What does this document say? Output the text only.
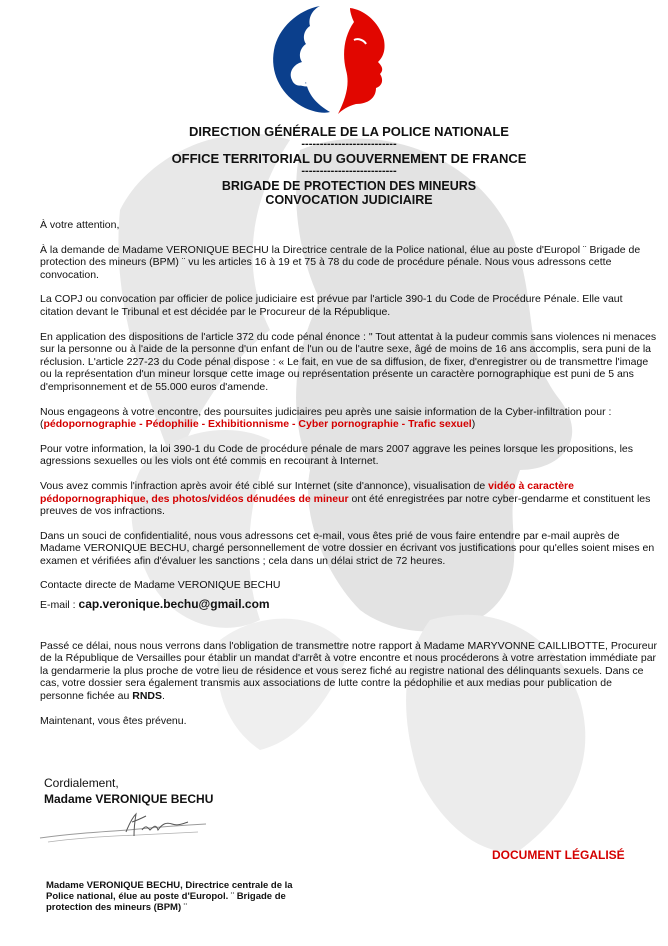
DIRECTION GÉNÉRALE DE LA POLICE NATIONALE
--------------------------
OFFICE TERRITORIAL DU GOUVERNEMENT DE FRANCE
--------------------------
BRIGADE DE PROTECTION DES MINEURS
CONVOCATION JUDICIAIRE

À votre attention,

À la demande de Madame VERONIQUE BECHU la Directrice centrale de la Police national, élue au poste d'Europol ¨ Brigade de protection des mineurs (BPM) ¨ vu les articles 16 à 19 et 75 à 78 du code de procédure pénale. Nous vous adressons cette convocation.

La COPJ ou convocation par officier de police judiciaire est prévue par l'article 390-1 du Code de Procédure Pénale. Elle vaut citation devant le Tribunal et est décidée par le Procureur de la République.

En application des dispositions de l'article 372 du code pénal énonce : " Tout attentat à la pudeur commis sans violences ni menaces sur la personne ou à l'aide de la personne d'un enfant de l'un ou de l'autre sexe, âgé de moins de 16 ans accomplis, sera puni de la réclusion. L'article 227-23 du Code pénal dispose : « Le fait, en vue de sa diffusion, de fixer, d'enregistrer ou de transmettre l'image ou la représentation d'un mineur lorsque cette image ou représentation présente un caractère pornographique est puni de 5 ans d'emprisonnement et de 55.000 euros d'amende.

Nous engageons à votre encontre, des poursuites judiciaires peu après une saisie information de la Cyber-infiltration pour : (pédopornographie - Pédophilie - Exhibitionnisme - Cyber pornographie - Trafic sexuel)

Pour votre information, la loi 390-1 du Code de procédure pénale de mars 2007 aggrave les peines lorsque les propositions, les agressions sexuelles ou les viols ont été commis en recourant à Internet.

Vous avez commis l'infraction après avoir été ciblé sur Internet (site d'annonce), visualisation de vidéo à caractère pédopornographique, des photos/vidéos dénudées de mineur ont été enregistrées par notre cyber-gendarme et constituent les preuves de vos infractions.

Dans un souci de confidentialité, nous vous adressons cet e-mail, vous êtes prié de vous faire entendre par e-mail auprès de Madame VERONIQUE BECHU, chargé personnellement de votre dossier en écrivant vos justifications pour qu'elles soient mises en examen et vérifiées afin d'évaluer les sanctions ; cela dans un délai strict de 72 heures.

Contacte directe de Madame VERONIQUE BECHU

E-mail : cap.veronique.bechu@gmail.com

Passé ce délai, nous nous verrons dans l'obligation de transmettre notre rapport à Madame MARYVONNE CAILLIBOTTE, Procureur de la République de Versailles pour établir un mandat d'arrêt à votre encontre et nous procéderons à votre arrestation immédiate par la gendarmerie la plus proche de votre lieu de résidence et vous serez fiché au registre national des délinquants sexuels. Dans ce cas, votre dossier sera également transmis aux associations de lutte contre la pédophilie et aux medias pour publication de personne fichée au RNDS.

Maintenant, vous êtes prévenu.

Cordialement,
Madame VERONIQUE BECHU
DOCUMENT LÉGALISÉ
Madame VERONIQUE BECHU, Directrice centrale de la Police national, élue au poste d'Europol. ¨ Brigade de protection des mineurs (BPM) ¨
